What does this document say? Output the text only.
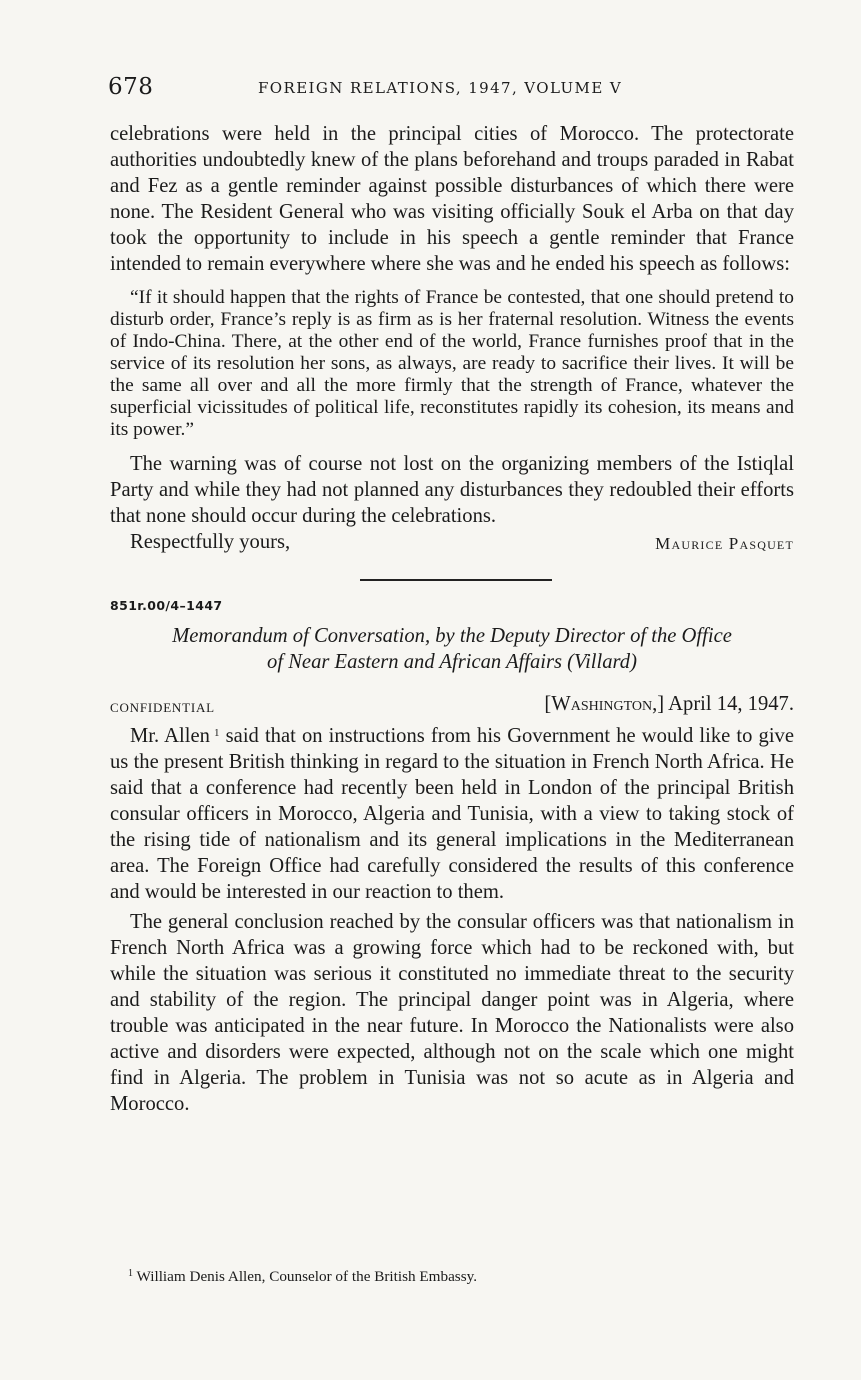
678	FOREIGN RELATIONS, 1947, VOLUME V

celebrations were held in the principal cities of Morocco. The protectorate authorities undoubtedly knew of the plans beforehand and troups paraded in Rabat and Fez as a gentle reminder against possible disturbances of which there were none. The Resident General who was visiting officially Souk el Arba on that day took the opportunity to include in his speech a gentle reminder that France intended to remain everywhere where she was and he ended his speech as follows:

“If it should happen that the rights of France be contested, that one should pretend to disturb order, France’s reply is as firm as is her fraternal resolution. Witness the events of Indo-China. There, at the other end of the world, France furnishes proof that in the service of its resolution her sons, as always, are ready to sacrifice their lives. It will be the same all over and all the more firmly that the strength of France, whatever the superficial vicissitudes of political life, reconstitutes rapidly its cohesion, its means and its power.”

The warning was of course not lost on the organizing members of the Istiqlal Party and while they had not planned any disturbances they redoubled their efforts that none should occur during the celebrations.

Respectfully yours,	Maurice Pasquet
851r.00/4–1447
Memorandum of Conversation, by the Deputy Director of the Office
of Near Eastern and African Affairs (Villard)
CONFIDENTIAL	[Washington,] April 14, 1947.

Mr. Allen  $^1$ said that on instructions from his Government he would like to give us the present British thinking in regard to the situation in French North Africa. He said that a conference had recently been held in London of the principal British consular officers in Morocco, Algeria and Tunisia, with a view to taking stock of the rising tide of nationalism and its general implications in the Mediterranean area. The Foreign Office had carefully considered the results of this conference and would be interested in our reaction to them.

The general conclusion reached by the consular officers was that nationalism in French North Africa was a growing force which had to be reckoned with, but while the situation was serious it constituted no immediate threat to the security and stability of the region. The principal danger point was in Algeria, where trouble was anticipated in the near future. In Morocco the Nationalists were also active and disorders were expected, although not on the scale which one might find in Algeria. The problem in Tunisia was not so acute as in Algeria and Morocco.

$^1$ William Denis Allen, Counselor of the British Embassy.
